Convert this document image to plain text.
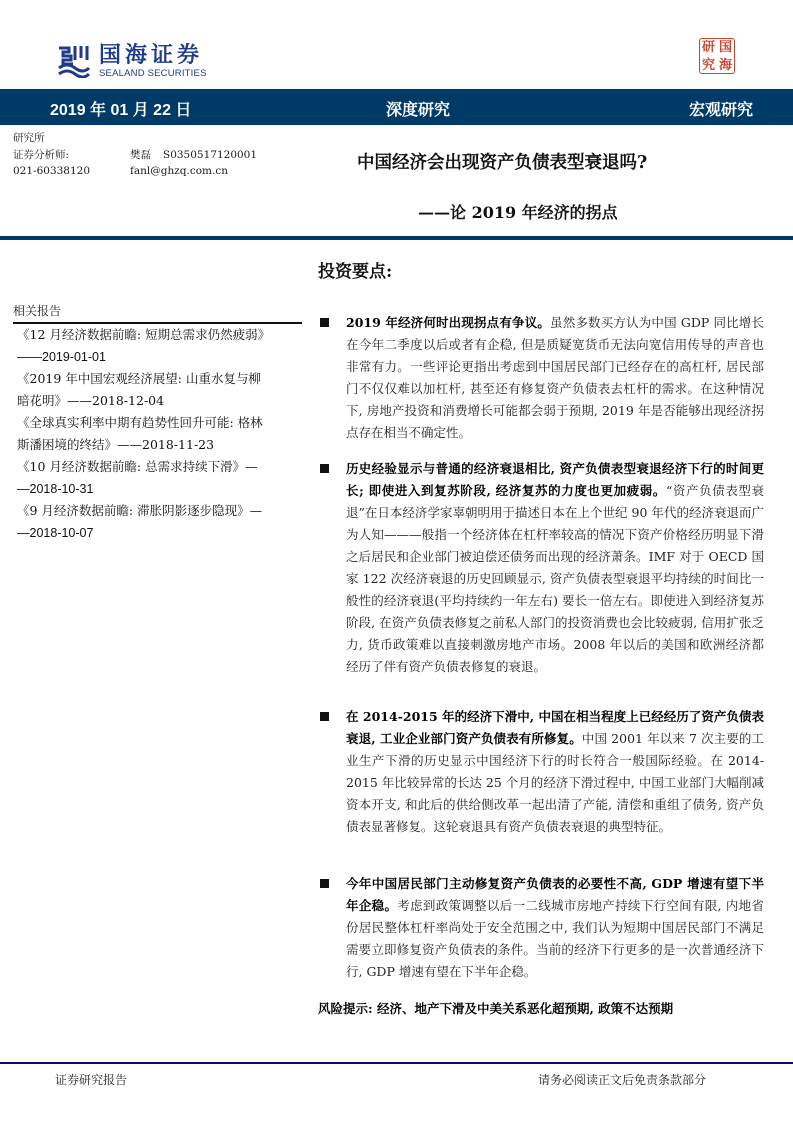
国海证券
SEALAND SECURITIES
研 国
究 海
2019 年 01 月 22 日	深度研究	宏观研究
研究所
证券分析师:	樊磊 S0350517120001
021-60338120	fanl@ghzq.com.cn	中国经济会出现资产负债表型衰退吗?
——论 2019 年经济的拐点
投资要点:
相关报告
《12 月经济数据前瞻: 短期总需求仍然疲弱》
——2019-01-01
《2019 年中国宏观经济展望: 山重水复与柳
暗花明》——2018-12-04
《全球真实利率中期有趋势性回升可能: 格林
斯潘困境的终结》——2018-11-23
《10 月经济数据前瞻: 总需求持续下滑》—
—2018-10-31
《9 月经济数据前瞻: 滞胀阴影逐步隐现》—
—2018-10-07
2019 年经济何时出现拐点有争议。虽然多数买方认为中国 GDP 同比增长在今年二季度以后或者有企稳, 但是质疑宽货币无法向宽信用传导的声音也非常有力。一些评论更指出考虑到中国居民部门已经存在的高杠杆, 居民部门不仅仅难以加杠杆, 甚至还有修复资产负债表去杠杆的需求。在这种情况下, 房地产投资和消费增长可能都会弱于预期, 2019 年是否能够出现经济拐点存在相当不确定性。
历史经验显示与普通的经济衰退相比, 资产负债表型衰退经济下行的时间更长; 即使进入到复苏阶段, 经济复苏的力度也更加疲弱。“资产负债表型衰退”在日本经济学家辜朝明用于描述日本在上个世纪 90 年代的经济衰退而广为人知———般指一个经济体在杠杆率较高的情况下资产价格经历明显下滑之后居民和企业部门被迫偿还债务而出现的经济萧条。IMF 对于 OECD 国家 122 次经济衰退的历史回顾显示, 资产负债表型衰退平均持续的时间比一般性的经济衰退(平均持续约一年左右) 要长一倍左右。即使进入到经济复苏阶段, 在资产负债表修复之前私人部门的投资消费也会比较疲弱, 信用扩张乏力, 货币政策难以直接刺激房地产市场。2008 年以后的美国和欧洲经济都经历了伴有资产负债表修复的衰退。
在 2014-2015 年的经济下滑中, 中国在相当程度上已经经历了资产负债表衰退, 工业企业部门资产负债表有所修复。中国 2001 年以来 7 次主要的工业生产下滑的历史显示中国经济下行的时长符合一般国际经验。在 2014-2015 年比较异常的长达 25 个月的经济下滑过程中, 中国工业部门大幅削减资本开支, 和此后的供给侧改革一起出清了产能, 清偿和重组了债务, 资产负债表显著修复。这轮衰退具有资产负债表衰退的典型特征。
今年中国居民部门主动修复资产负债表的必要性不高, GDP 增速有望下半年企稳。考虑到政策调整以后一二线城市房地产持续下行空间有限, 内地省份居民整体杠杆率尚处于安全范围之中, 我们认为短期中国居民部门不满足需要立即修复资产负债表的条件。当前的经济下行更多的是一次普通经济下行, GDP 增速有望在下半年企稳。
风险提示: 经济、地产下滑及中美关系恶化超预期, 政策不达预期
证券研究报告	请务必阅读正文后免责条款部分
